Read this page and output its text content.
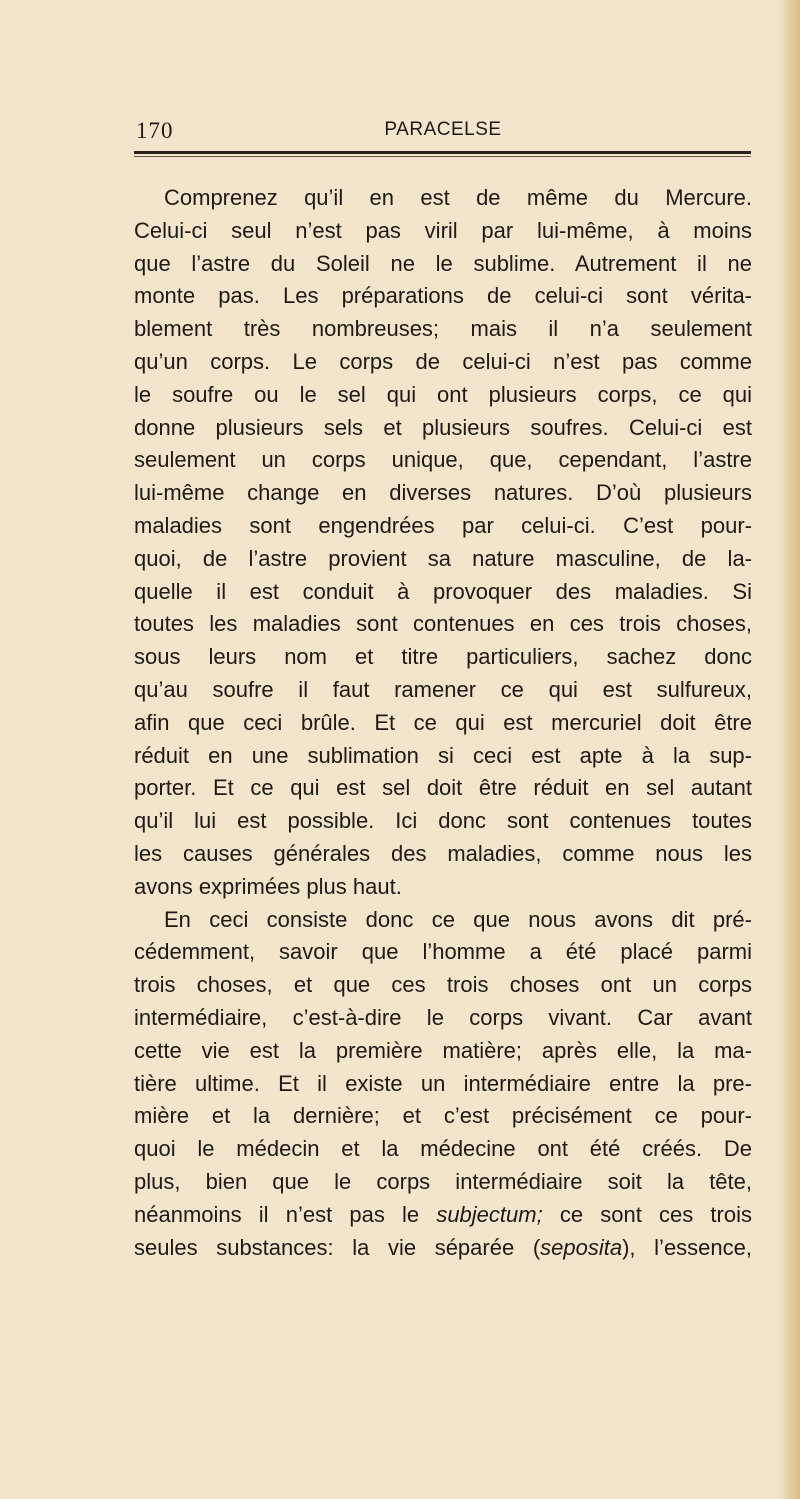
170	PARACELSE
Comprenez qu’il en est de même du Mercure.
Celui-ci seul n’est pas viril par lui-même, à moins
que l’astre du Soleil ne le sublime. Autrement il ne
monte pas. Les préparations de celui-ci sont vérita-
blement très nombreuses; mais il n’a seulement
qu’un corps. Le corps de celui-ci n’est pas comme
le soufre ou le sel qui ont plusieurs corps, ce qui
donne plusieurs sels et plusieurs soufres. Celui-ci est
seulement un corps unique, que, cependant, l’astre
lui-même change en diverses natures. D’où plusieurs
maladies sont engendrées par celui-ci. C’est pour-
quoi, de l’astre provient sa nature masculine, de la-
quelle il est conduit à provoquer des maladies. Si
toutes les maladies sont contenues en ces trois choses,
sous leurs nom et titre particuliers, sachez donc
qu’au soufre il faut ramener ce qui est sulfureux,
afin que ceci brûle. Et ce qui est mercuriel doit être
réduit en une sublimation si ceci est apte à la sup-
porter. Et ce qui est sel doit être réduit en sel autant
qu’il lui est possible. Ici donc sont contenues toutes
les causes générales des maladies, comme nous les
avons exprimées plus haut.
En ceci consiste donc ce que nous avons dit pré-
cédemment, savoir que l’homme a été placé parmi
trois choses, et que ces trois choses ont un corps
intermédiaire, c’est-à-dire le corps vivant. Car avant
cette vie est la première matière; après elle, la ma-
tière ultime. Et il existe un intermédiaire entre la pre-
mière et la dernière; et c’est précisément ce pour-
quoi le médecin et la médecine ont été créés. De
plus, bien que le corps intermédiaire soit la tête,
néanmoins il n’est pas le subjectum; ce sont ces trois
seules substances: la vie séparée (seposita), l’essence,
